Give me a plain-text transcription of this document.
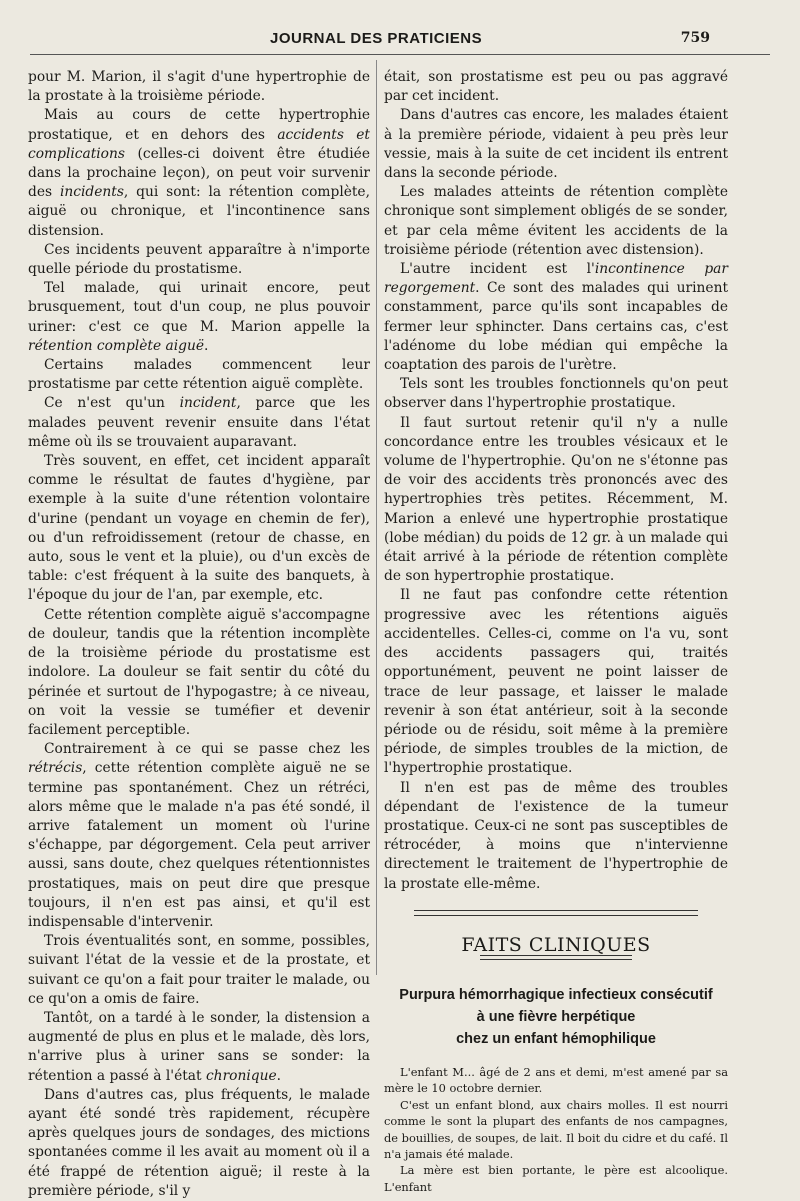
JOURNAL DES PRATICIENS	759

pour M. Marion, il s'agit d'une hypertrophie de la prostate à la troisième période.

Mais au cours de cette hypertrophie prostatique, et en dehors des accidents et complications (celles-ci doivent être étudiée dans la prochaine leçon), on peut voir survenir des incidents, qui sont: la rétention complète, aiguë ou chronique, et l'incontinence sans distension.

Ces incidents peuvent apparaître à n'importe quelle période du prostatisme.

Tel malade, qui urinait encore, peut brusquement, tout d'un coup, ne plus pouvoir uriner: c'est ce que M. Marion appelle la rétention complète aiguë.

Certains malades commencent leur prostatisme par cette rétention aiguë complète.

Ce n'est qu'un incident, parce que les malades peuvent revenir ensuite dans l'état même où ils se trouvaient auparavant.

Très souvent, en effet, cet incident apparaît comme le résultat de fautes d'hygiène, par exemple à la suite d'une rétention volontaire d'urine (pendant un voyage en chemin de fer), ou d'un refroidissement (retour de chasse, en auto, sous le vent et la pluie), ou d'un excès de table: c'est fréquent à la suite des banquets, à l'époque du jour de l'an, par exemple, etc.

Cette rétention complète aiguë s'accompagne de douleur, tandis que la rétention incomplète de la troisième période du prostatisme est indolore. La douleur se fait sentir du côté du périnée et surtout de l'hypogastre; à ce niveau, on voit la vessie se tuméfier et devenir facilement perceptible.

Contrairement à ce qui se passe chez les rétrécis, cette rétention complète aiguë ne se termine pas spontanément. Chez un rétréci, alors même que le malade n'a pas été sondé, il arrive fatalement un moment où l'urine s'échappe, par dégorgement. Cela peut arriver aussi, sans doute, chez quelques rétentionnistes prostatiques, mais on peut dire que presque toujours, il n'en est pas ainsi, et qu'il est indispensable d'intervenir.

Trois éventualités sont, en somme, possibles, suivant l'état de la vessie et de la prostate, et suivant ce qu'on a fait pour traiter le malade, ou ce qu'on a omis de faire.

Tantôt, on a tardé à le sonder, la distension a augmenté de plus en plus et le malade, dès lors, n'arrive plus à uriner sans se sonder: la rétention a passé à l'état chronique.

Dans d'autres cas, plus fréquents, le malade ayant été sondé très rapidement, récupère après quelques jours de sondages, des mictions spontanées comme il les avait au moment où il a été frappé de rétention aiguë; il reste à la première période, s'il y

était, son prostatisme est peu ou pas aggravé par cet incident.

Dans d'autres cas encore, les malades étaient à la première période, vidaient à peu près leur vessie, mais à la suite de cet incident ils entrent dans la seconde période.

Les malades atteints de rétention complète chronique sont simplement obligés de se sonder, et par cela même évitent les accidents de la troisième période (rétention avec distension).

L'autre incident est l'incontinence par regorgement. Ce sont des malades qui urinent constamment, parce qu'ils sont incapables de fermer leur sphincter. Dans certains cas, c'est l'adénome du lobe médian qui empêche la coaptation des parois de l'urètre.

Tels sont les troubles fonctionnels qu'on peut observer dans l'hypertrophie prostatique.

Il faut surtout retenir qu'il n'y a nulle concordance entre les troubles vésicaux et le volume de l'hypertrophie. Qu'on ne s'étonne pas de voir des accidents très prononcés avec des hypertrophies très petites. Récemment, M. Marion a enlevé une hypertrophie prostatique (lobe médian) du poids de 12 gr. à un malade qui était arrivé à la période de rétention complète de son hypertrophie prostatique.

Il ne faut pas confondre cette rétention progressive avec les rétentions aiguës accidentelles. Celles-ci, comme on l'a vu, sont des accidents passagers qui, traités opportunément, peuvent ne point laisser de trace de leur passage, et laisser le malade revenir à son état antérieur, soit à la seconde période ou de résidu, soit même à la première période, de simples troubles de la miction, de l'hypertrophie prostatique.

Il n'en est pas de même des troubles dépendant de l'existence de la tumeur prostatique. Ceux-ci ne sont pas susceptibles de rétrocéder, à moins que n'intervienne directement le traitement de l'hypertrophie de la prostate elle-même.

FAITS CLINIQUES
Purpura hémorrhagique infectieux consécutif
à une fièvre herpétique
chez un enfant hémophilique

L'enfant M... âgé de 2 ans et demi, m'est amené par sa mère le 10 octobre dernier.

C'est un enfant blond, aux chairs molles. Il est nourri comme le sont la plupart des enfants de nos campagnes, de bouillies, de soupes, de lait. Il boit du cidre et du café. Il n'a jamais été malade.

La mère est bien portante, le père est alcoolique. L'enfant
